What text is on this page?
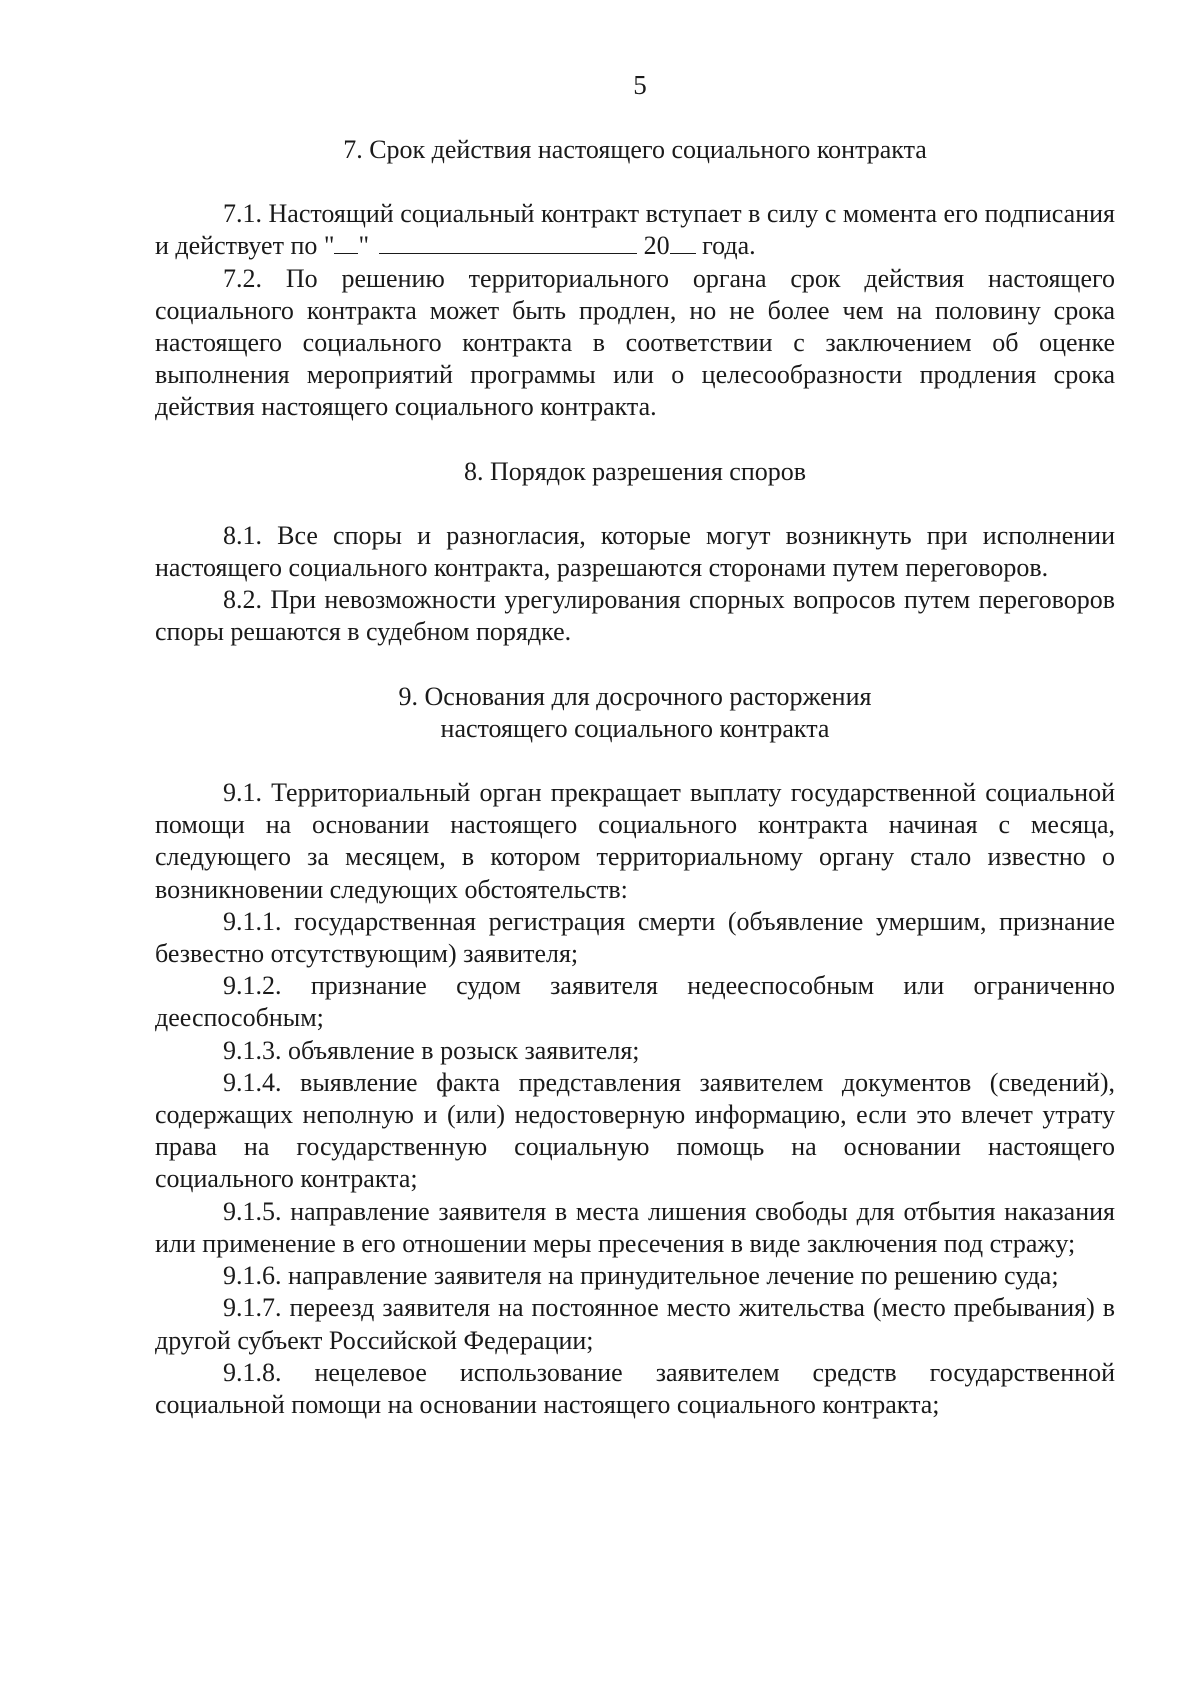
5
7. Срок действия настоящего социального контракта

7.1. Настоящий социальный контракт вступает в силу с момента его подписания и действует по " "	20 года.

7.2. По решению территориального органа срок действия настоящего социального контракта может быть продлен, но не более чем на половину срока настоящего социального контракта в соответствии с заключением об оценке выполнения мероприятий программы или о целесообразности продления срока действия настоящего социального контракта.

8. Порядок разрешения споров

8.1. Все споры и разногласия, которые могут возникнуть при исполнении настоящего социального контракта, разрешаются сторонами путем переговоров.

8.2. При невозможности урегулирования спорных вопросов путем переговоров споры решаются в судебном порядке.

9. Основания для досрочного расторжения
настоящего социального контракта

9.1. Территориальный орган прекращает выплату государственной социальной помощи на основании настоящего социального контракта начиная с месяца, следующего за месяцем, в котором территориальному органу стало известно о возникновении следующих обстоятельств:

9.1.1. государственная регистрация смерти (объявление умершим, признание безвестно отсутствующим) заявителя;

9.1.2. признание судом заявителя недееспособным или ограниченно дееспособным;

9.1.3. объявление в розыск заявителя;

9.1.4. выявление факта представления заявителем документов (сведений), содержащих неполную и (или) недостоверную информацию, если это влечет утрату права на государственную социальную помощь на основании настоящего социального контракта;

9.1.5. направление заявителя в места лишения свободы для отбытия наказания или применение в его отношении меры пресечения в виде заключения под стражу;

9.1.6. направление заявителя на принудительное лечение по решению суда;

9.1.7. переезд заявителя на постоянное место жительства (место пребывания) в другой субъект Российской Федерации;

9.1.8. нецелевое использование заявителем средств государственной социальной помощи на основании настоящего социального контракта;
